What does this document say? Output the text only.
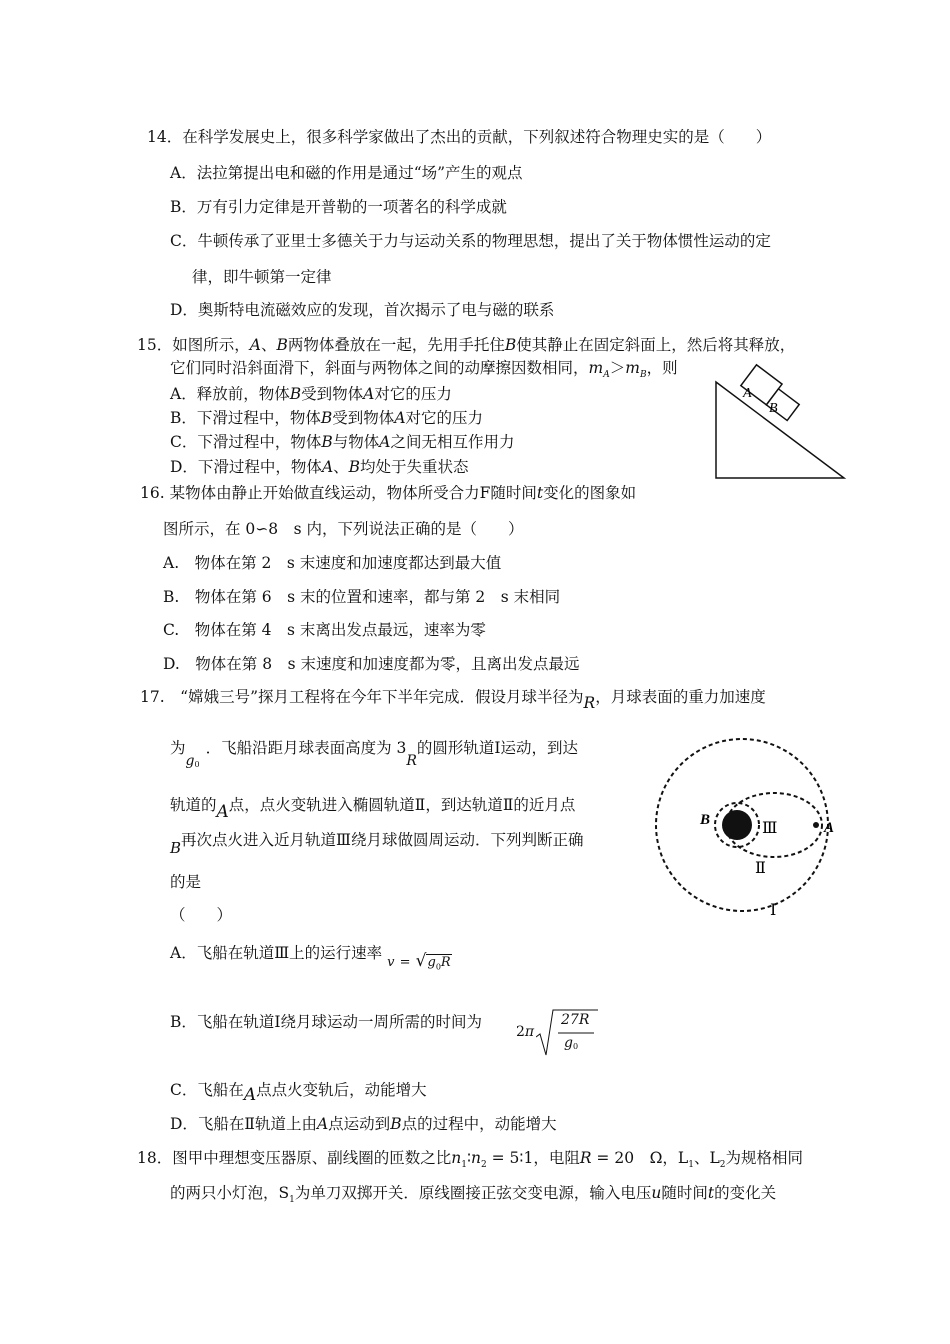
14．在科学发展史上，很多科学家做出了杰出的贡献，下列叙述符合物理史实的是（　　）
A．法拉第提出电和磁的作用是通过“场”产生的观点
B．万有引力定律是开普勒的一项著名的科学成就
C．牛顿传承了亚里士多德关于力与运动关系的物理思想，提出了关于物体惯性运动的定
律，即牛顿第一定律
D．奥斯特电流磁效应的发现，首次揭示了电与磁的联系
15．如图所示，A、B两物体叠放在一起，先用手托住B使其静止在固定斜面上，然后将其释放，
它们同时沿斜面滑下，斜面与两物体之间的动摩擦因数相同，$m_A>m_B$，则
A．释放前，物体B受到物体A对它的压力
B．下滑过程中，物体B受到物体A对它的压力
C．下滑过程中，物体B与物体A之间无相互作用力
D．下滑过程中，物体A、B均处于失重状态
A
B
16. 某物体由静止开始做直线运动，物体所受合力F随时间t变化的图象如
图所示，在 0∽8　s 内，下列说法正确的是（　　）
A.　物体在第 2　s 末速度和加速度都达到最大值
B.　物体在第 6　s 末的位置和速率，都与第 2　s 末相同
C.　物体在第 4　s 末离出发点最远，速率为零
D.　物体在第 8　s 末速度和加速度都为零，且离出发点最远
17.　“嫦娥三号”探月工程将在今年下半年完成．假设月球半径为R，月球表面的重力加速度
为$g_0$．飞船沿距月球表面高度为 3R的圆形轨道Ⅰ运动，到达
轨道的A点，点火变轨进入椭圆轨道Ⅱ，到达轨道Ⅱ的近月点
B再次点火进入近月轨道Ⅲ绕月球做圆周运动．下列判断正确
的是
（　　）
A．飞船在轨道Ⅲ上的运行速率 $v = √g_0R$
B．飞船在轨道Ⅰ绕月球运动一周所需的时间为
2π
27R
g 0
C．飞船在A点点火变轨后，动能增大
D．飞船在Ⅱ轨道上由A点运动到B点的过程中，动能增大
B	A
Ⅲ
Ⅱ
Ⅰ
18．图甲中理想变压器原、副线圈的匝数之比$n_1∶n_2$ = 5∶1，电阻R = 20　Ω，$L_1$、$L_2$为规格相同
的两只小灯泡，$S_1$为单刀双掷开关．原线圈接正弦交变电源，输入电压u随时间t的变化关
